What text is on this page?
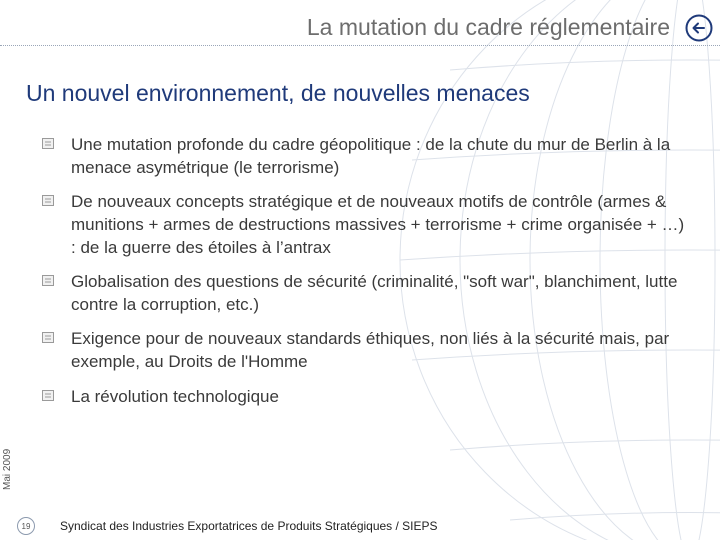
La mutation du cadre réglementaire
Un nouvel environnement, de nouvelles menaces
Une mutation profonde du cadre géopolitique : de la chute du mur de Berlin à la menace asymétrique (le terrorisme)
De nouveaux concepts stratégique et de nouveaux motifs de contrôle (armes & munitions + armes de destructions massives + terrorisme + crime organisée + …) : de la guerre des étoiles à l’antrax
Globalisation des questions de sécurité (criminalité, "soft war", blanchiment, lutte contre la corruption, etc.)
Exigence pour de nouveaux standards éthiques, non liés à la sécurité mais, par exemple, au Droits de l'Homme
La révolution technologique
Mai 2009
19	Syndicat des Industries Exportatrices de Produits Stratégiques / SIEPS
